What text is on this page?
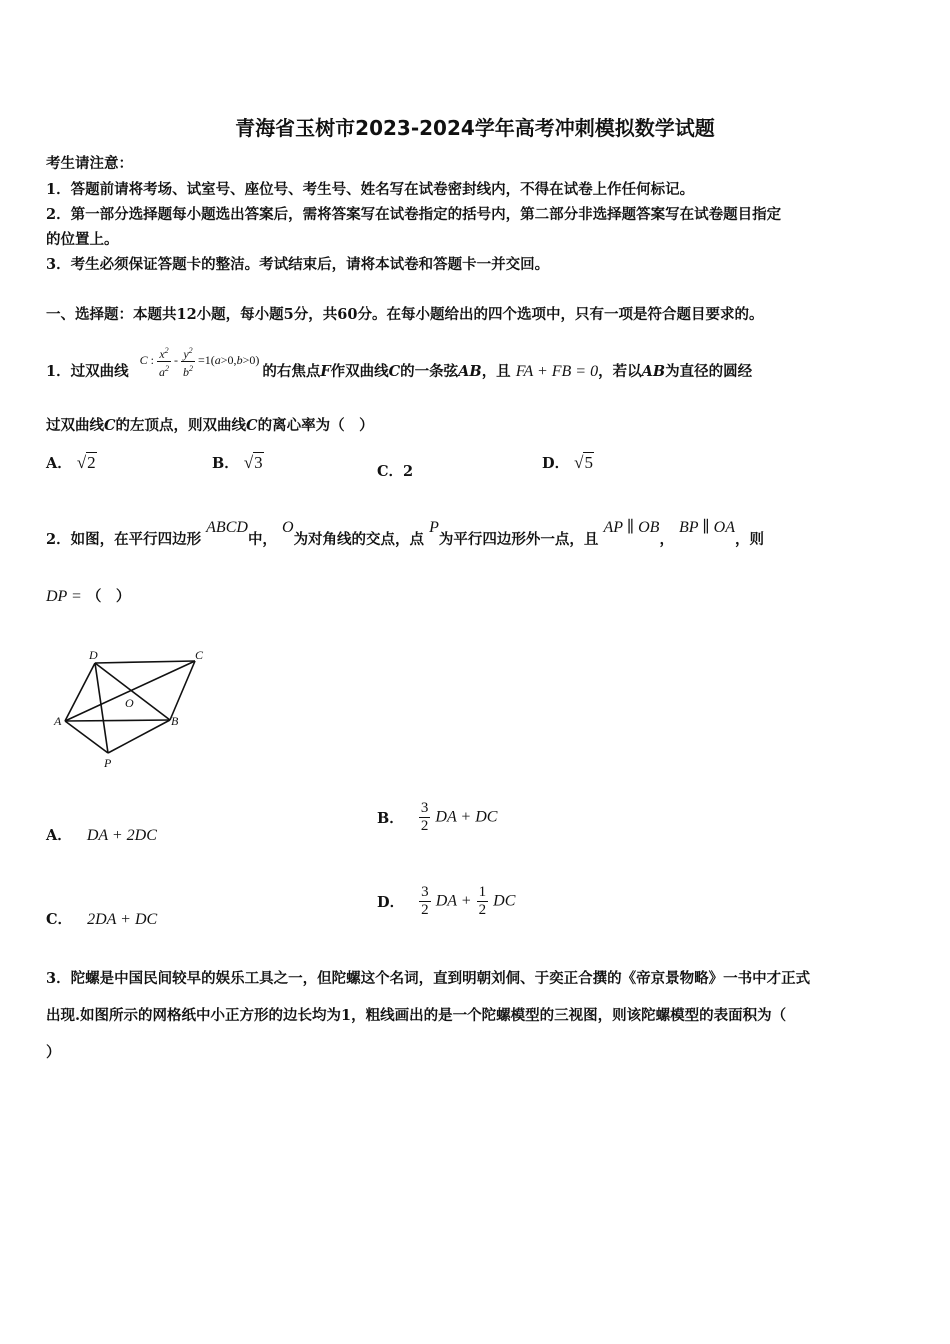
青海省玉树市2023-2024学年高考冲刺模拟数学试题
考生请注意：
1．答题前请将考场、试室号、座位号、考生号、姓名写在试卷密封线内，不得在试卷上作任何标记。
2．第一部分选择题每小题选出答案后，需将答案写在试卷指定的括号内，第二部分非选择题答案写在试卷题目指定
的位置上。
3．考生必须保证答题卡的整洁。考试结束后，请将本试卷和答题卡一并交回。
一、选择题：本题共12小题，每小题5分，共60分。在每小题给出的四个选项中，只有一项是符合题目要求的。
1．过双曲线 $^{C : \frac{x^2}{a^2} - \frac{y^2}{b^2} =1(a>0,b>0)}$ 的右焦点F作双曲线C的一条弦AB，且 FA + FB = 0，若以AB为直径的圆经
过双曲线C的左顶点，则双曲线C的离心率为（　）
A． √2	B． √3	C．2	D． √5
2．如图，在平行四边形 ABCD中， O为对角线的交点，点 P为平行四边形外一点，且 AP ∥ OB， BP ∥ OA，则
DP = （　）
D	C
A
O
B
P
A． DA + 2DC
B． $\frac{3}{2}$ DA + DC
C． 2DA + DC
D． $\frac{3}{2}$ DA + $\frac{1}{2}$ DC
3．陀螺是中国民间较早的娱乐工具之一，但陀螺这个名词，直到明朝刘侗、于奕正合撰的《帝京景物略》一书中才正式
出现.如图所示的网格纸中小正方形的边长均为1，粗线画出的是一个陀螺模型的三视图，则该陀螺模型的表面积为（
）
